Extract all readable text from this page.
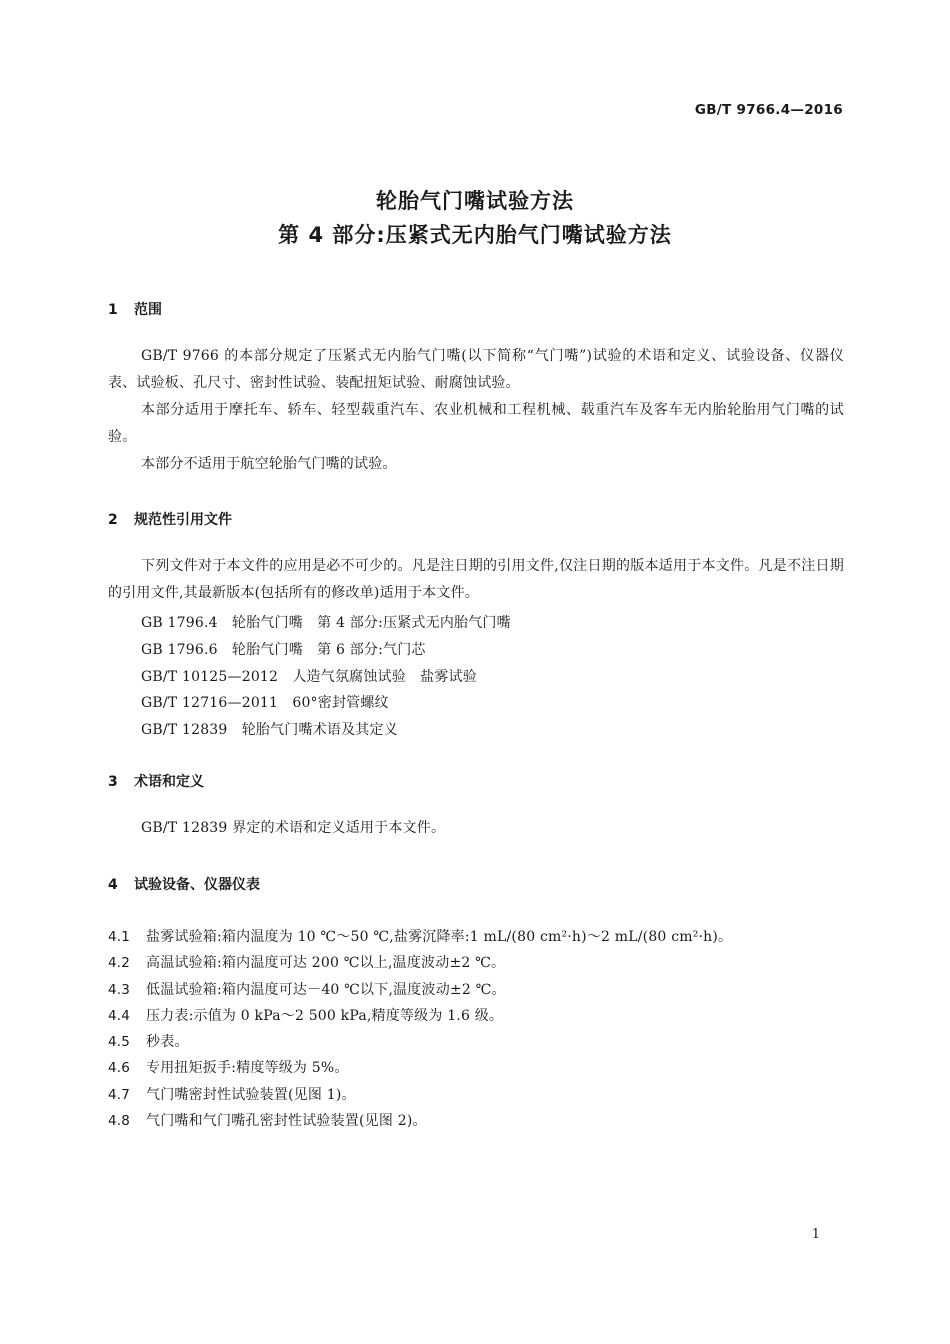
GB/T 9766.4—2016
轮胎气门嘴试验方法
第 4 部分:压紧式无内胎气门嘴试验方法
1 范围
GB/T 9766 的本部分规定了压紧式无内胎气门嘴(以下简称“气门嘴”)试验的术语和定义、试验设备、仪器仪表、试验板、孔尺寸、密封性试验、装配扭矩试验、耐腐蚀试验。
本部分适用于摩托车、轿车、轻型载重汽车、农业机械和工程机械、载重汽车及客车无内胎轮胎用气门嘴的试验。
本部分不适用于航空轮胎气门嘴的试验。
2 规范性引用文件
下列文件对于本文件的应用是必不可少的。凡是注日期的引用文件,仅注日期的版本适用于本文件。凡是不注日期的引用文件,其最新版本(包括所有的修改单)适用于本文件。
GB 1796.4　轮胎气门嘴　第 4 部分:压紧式无内胎气门嘴
GB 1796.6　轮胎气门嘴　第 6 部分:气门芯
GB/T 10125—2012　人造气氛腐蚀试验　盐雾试验
GB/T 12716—2011　60°密封管螺纹
GB/T 12839　轮胎气门嘴术语及其定义
3 术语和定义
GB/T 12839 界定的术语和定义适用于本文件。
4 试验设备、仪器仪表
4.1 盐雾试验箱:箱内温度为 10 ℃～50 ℃,盐雾沉降率:1 mL/(80 cm²·h)～2 mL/(80 cm²·h)。
4.2 高温试验箱:箱内温度可达 200 ℃以上,温度波动±2 ℃。
4.3 低温试验箱:箱内温度可达－40 ℃以下,温度波动±2 ℃。
4.4 压力表:示值为 0 kPa～2 500 kPa,精度等级为 1.6 级。
4.5 秒表。
4.6 专用扭矩扳手:精度等级为 5%。
4.7 气门嘴密封性试验装置(见图 1)。
4.8 气门嘴和气门嘴孔密封性试验装置(见图 2)。
1
